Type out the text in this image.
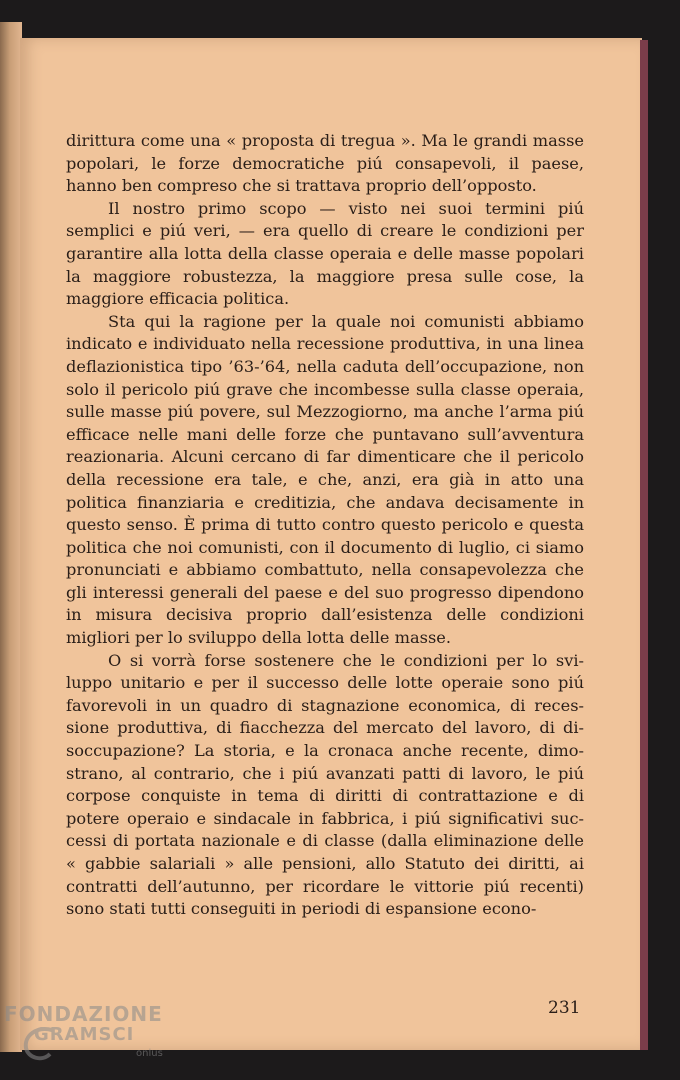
dirittura come una « proposta di tregua ». Ma le grandi masse popolari, le forze democratiche piú consapevoli, il paese, hanno ben compreso che si trattava proprio dell’opposto.

Il nostro primo scopo — visto nei suoi termini piú semplici e piú veri, — era quello di creare le condizioni per garantire alla lotta della classe operaia e delle masse popolari la maggiore robustezza, la maggiore presa sulle cose, la maggiore efficacia politica.

Sta qui la ragione per la quale noi comunisti abbiamo indicato e individuato nella recessione produttiva, in una linea deflazionistica tipo ’63-’64, nella caduta dell’occupazione, non solo il pericolo piú grave che incombesse sulla classe operaia, sulle masse piú povere, sul Mezzogiorno, ma anche l’arma piú efficace nelle mani delle forze che puntavano sull’avventura reazionaria. Alcuni cercano di far dimenticare che il pericolo della recessione era tale, e che, anzi, era già in atto una politica finanziaria e creditizia, che andava decisamente in questo senso. È prima di tutto contro questo pericolo e questa politica che noi comunisti, con il documento di luglio, ci siamo pronunciati e abbiamo combattuto, nella consapevolezza che gli interessi generali del paese e del suo progresso dipendono in misura decisiva proprio dall’esistenza delle condizioni migliori per lo sviluppo della lotta delle masse.

O si vorrà forse sostenere che le condizioni per lo sviluppo unitario e per il successo delle lotte operaie sono piú favorevoli in un quadro di stagnazione economica, di recessione produttiva, di fiacchezza del mercato del lavoro, di disoccupazione? La storia, e la cronaca anche recente, dimostrano, al contrario, che i piú avanzati patti di lavoro, le piú corpose conquiste in tema di diritti di contrattazione e di potere operaio e sindacale in fabbrica, i piú significativi successi di portata nazionale e di classe (dalla eliminazione delle « gabbie salariali » alle pensioni, allo Statuto dei diritti, ai contratti dell’autunno, per ricordare le vittorie piú recenti) sono stati tutti conseguiti in periodi di espansione econo-

231
FONDAZIONE
GRAMSCI
onlus
